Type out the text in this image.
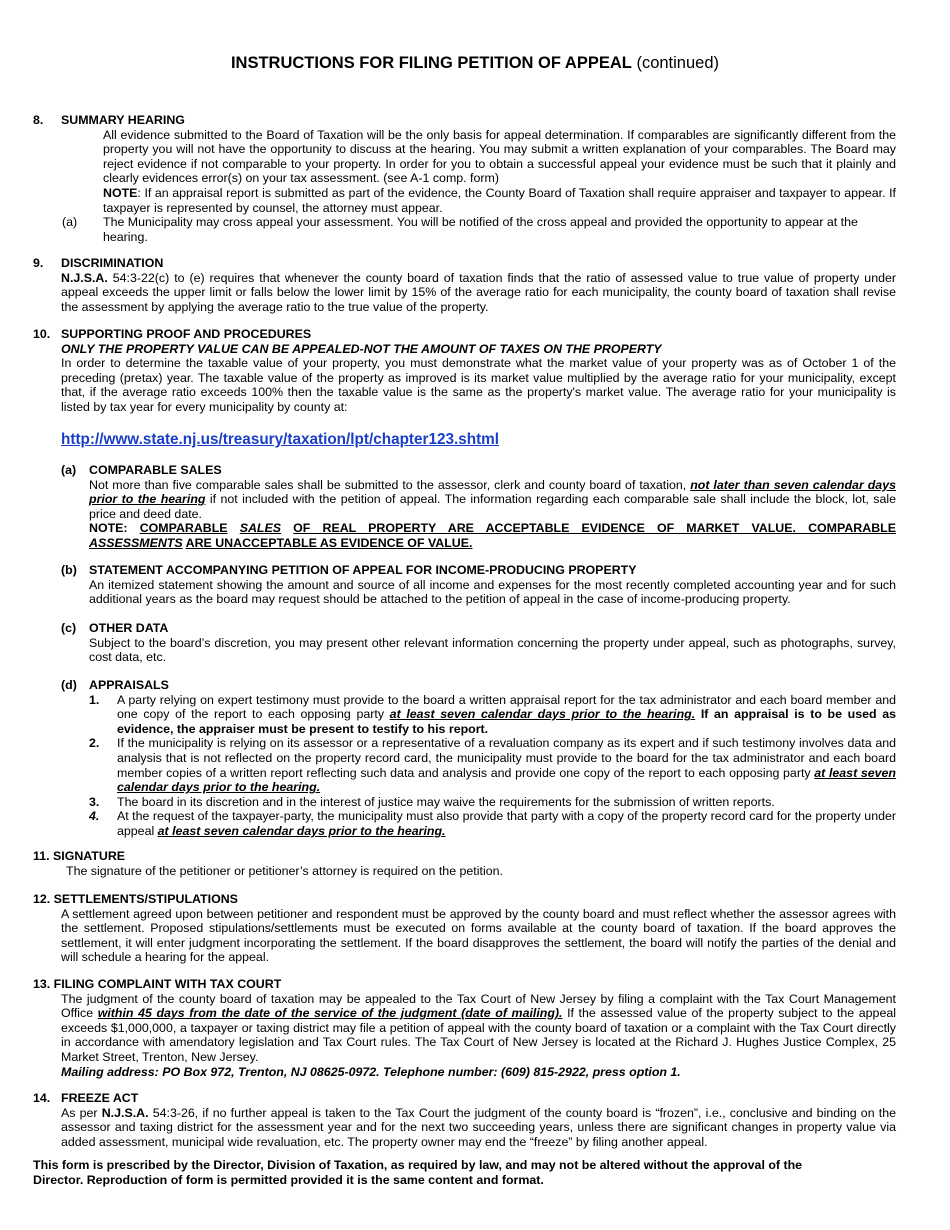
INSTRUCTIONS FOR FILING PETITION OF APPEAL (continued)
8. SUMMARY HEARING
All evidence submitted to the Board of Taxation will be the only basis for appeal determination. If comparables are significantly different from the property you will not have the opportunity to discuss at the hearing. You may submit a written explanation of your comparables. The Board may reject evidence if not comparable to your property. In order for you to obtain a successful appeal your evidence must be such that it plainly and clearly evidences error(s) on your tax assessment. (see A-1 comp. form)
NOTE: If an appraisal report is submitted as part of the evidence, the County Board of Taxation shall require appraiser and taxpayer to appear. If taxpayer is represented by counsel, the attorney must appear.
(a) The Municipality may cross appeal your assessment. You will be notified of the cross appeal and provided the opportunity to appear at the hearing.
9. DISCRIMINATION
N.J.S.A. 54:3-22(c) to (e) requires that whenever the county board of taxation finds that the ratio of assessed value to true value of property under appeal exceeds the upper limit or falls below the lower limit by 15% of the average ratio for each municipality, the county board of taxation shall revise the assessment by applying the average ratio to the true value of the property.
10. SUPPORTING PROOF AND PROCEDURES
ONLY THE PROPERTY VALUE CAN BE APPEALED-NOT THE AMOUNT OF TAXES ON THE PROPERTY
In order to determine the taxable value of your property, you must demonstrate what the market value of your property was as of October 1 of the preceding (pretax) year. The taxable value of the property as improved is its market value multiplied by the average ratio for your municipality, except that, if the average ratio exceeds 100% then the taxable value is the same as the property's market value. The average ratio for your municipality is listed by tax year for every municipality by county at:
http://www.state.nj.us/treasury/taxation/lpt/chapter123.shtml
(a) COMPARABLE SALES
Not more than five comparable sales shall be submitted to the assessor, clerk and county board of taxation, not later than seven calendar days prior to the hearing if not included with the petition of appeal. The information regarding each comparable sale shall include the block, lot, sale price and deed date.
NOTE: COMPARABLE SALES OF REAL PROPERTY ARE ACCEPTABLE EVIDENCE OF MARKET VALUE. COMPARABLE
ASSESSMENTS ARE UNACCEPTABLE AS EVIDENCE OF VALUE.
(b) STATEMENT ACCOMPANYING PETITION OF APPEAL FOR INCOME-PRODUCING PROPERTY
An itemized statement showing the amount and source of all income and expenses for the most recently completed accounting year and for such additional years as the board may request should be attached to the petition of appeal in the case of income-producing property.
(c) OTHER DATA
Subject to the board’s discretion, you may present other relevant information concerning the property under appeal, such as photographs, survey, cost data, etc.
(d) APPRAISALS
1. A party relying on expert testimony must provide to the board a written appraisal report for the tax administrator and each board member and one copy of the report to each opposing party at least seven calendar days prior to the hearing. If an appraisal is to be used as evidence, the appraiser must be present to testify to his report.
2. If the municipality is relying on its assessor or a representative of a revaluation company as its expert and if such testimony involves data and analysis that is not reflected on the property record card, the municipality must provide to the board for the tax administrator and each board member copies of a written report reflecting such data and analysis and provide one copy of the report to each opposing party at least seven calendar days prior to the hearing.
3. The board in its discretion and in the interest of justice may waive the requirements for the submission of written reports.
4. At the request of the taxpayer-party, the municipality must also provide that party with a copy of the property record card for the property under appeal at least seven calendar days prior to the hearing.
11. SIGNATURE
The signature of the petitioner or petitioner’s attorney is required on the petition.
12. SETTLEMENTS/STIPULATIONS
A settlement agreed upon between petitioner and respondent must be approved by the county board and must reflect whether the assessor agrees with the settlement. Proposed stipulations/settlements must be executed on forms available at the county board of taxation. If the board approves the settlement, it will enter judgment incorporating the settlement. If the board disapproves the settlement, the board will notify the parties of the denial and will schedule a hearing for the appeal.
13. FILING COMPLAINT WITH TAX COURT
The judgment of the county board of taxation may be appealed to the Tax Court of New Jersey by filing a complaint with the Tax Court Management Office within 45 days from the date of the service of the judgment (date of mailing). If the assessed value of the property subject to the appeal exceeds $1,000,000, a taxpayer or taxing district may file a petition of appeal with the county board of taxation or a complaint with the Tax Court directly in accordance with amendatory legislation and Tax Court rules. The Tax Court of New Jersey is located at the Richard J. Hughes Justice Complex, 25 Market Street, Trenton, New Jersey.
Mailing address: PO Box 972, Trenton, NJ 08625-0972. Telephone number: (609) 815-2922, press option 1.
14. FREEZE ACT
As per N.J.S.A. 54:3-26, if no further appeal is taken to the Tax Court the judgment of the county board is “frozen”, i.e., conclusive and binding on the assessor and taxing district for the assessment year and for the next two succeeding years, unless there are significant changes in property value via added assessment, municipal wide revaluation, etc. The property owner may end the “freeze” by filing another appeal.
This form is prescribed by the Director, Division of Taxation, as required by law, and may not be altered without the approval of the Director. Reproduction of form is permitted provided it is the same content and format.
